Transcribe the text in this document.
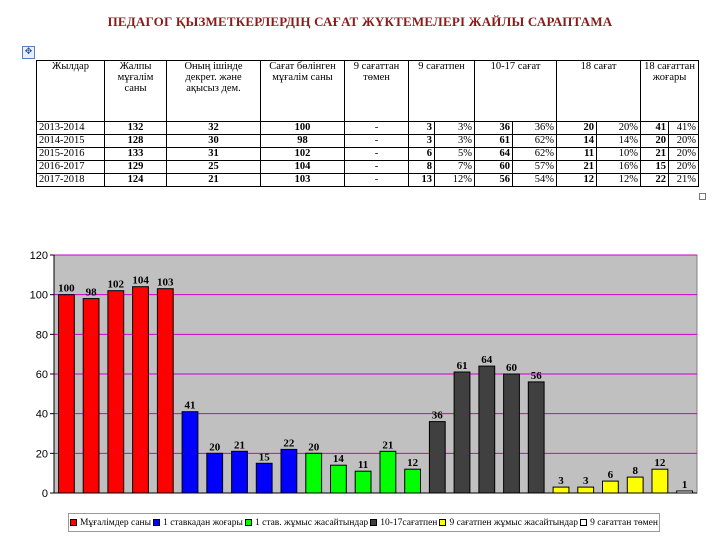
ПЕДАГОГ ҚЫЗМЕТКЕРЛЕРДІҢ САҒАТ ЖҮКТЕМЕЛЕРІ ЖАЙЛЫ САРАПТАМА
✥
Жылдар	Жалпы мұғалім саны	Оның ішінде декрет. және ақысыз дем.	Сағат бөлінген мұғалім саны	9 сағаттан төмен	9 сағатпен		10-17 сағат		18 сағат		18 сағаттан жоғары	
2013-2014	132	32	100	-	3	3%	36	36%	20	20%	41	41%
2014-2015	128	30	98	-	3	3%	61	62%	14	14%	20	20%
2015-2016	133	31	102	-	6	5%	64	62%	11	10%	21	20%
2016-2017	129	25	104	-	8	7%	60	57%	21	16%	15	20%
2017-2018	124	21	103	-	13	12%	56	54%	12	12%	22	21%
0
20
40
60
80
100
120
100 98
102 104 103
41
20 21
15
22 20
14 11
21
12
36
61 64
60
56
3 3 6 8
12
1
Мұғалімдер саны 1 ставкадан жоғары 1 став. жұмыс жасайтындар 10-17сағатпен 9 сағатпен жұмыс жасайтындар 9 сағаттан төмен
